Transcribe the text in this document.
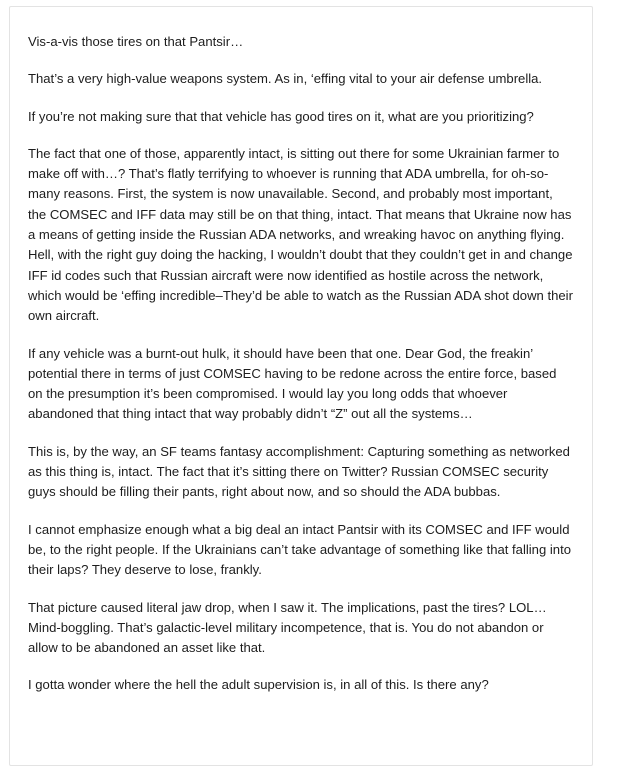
Vis-a-vis those tires on that Pantsir…

That’s a very high-value weapons system. As in, ‘effing vital to your air defense umbrella.

If you’re not making sure that that vehicle has good tires on it, what are you prioritizing?

The fact that one of those, apparently intact, is sitting out there for some Ukrainian farmer to make off with…? That’s flatly terrifying to whoever is running that ADA umbrella, for oh-so-many reasons. First, the system is now unavailable. Second, and probably most important, the COMSEC and IFF data may still be on that thing, intact. That means that Ukraine now has a means of getting inside the Russian ADA networks, and wreaking havoc on anything flying. Hell, with the right guy doing the hacking, I wouldn’t doubt that they couldn’t get in and change IFF id codes such that Russian aircraft were now identified as hostile across the network, which would be ‘effing incredible–They’d be able to watch as the Russian ADA shot down their own aircraft.

If any vehicle was a burnt-out hulk, it should have been that one. Dear God, the freakin’ potential there in terms of just COMSEC having to be redone across the entire force, based on the presumption it’s been compromised. I would lay you long odds that whoever abandoned that thing intact that way probably didn’t “Z” out all the systems…

This is, by the way, an SF teams fantasy accomplishment: Capturing something as networked as this thing is, intact. The fact that it’s sitting there on Twitter? Russian COMSEC security guys should be filling their pants, right about now, and so should the ADA bubbas.

I cannot emphasize enough what a big deal an intact Pantsir with its COMSEC and IFF would be, to the right people. If the Ukrainians can’t take advantage of something like that falling into their laps? They deserve to lose, frankly.

That picture caused literal jaw drop, when I saw it. The implications, past the tires? LOL… Mind-boggling. That’s galactic-level military incompetence, that is. You do not abandon or allow to be abandoned an asset like that.

I gotta wonder where the hell the adult supervision is, in all of this. Is there any?
